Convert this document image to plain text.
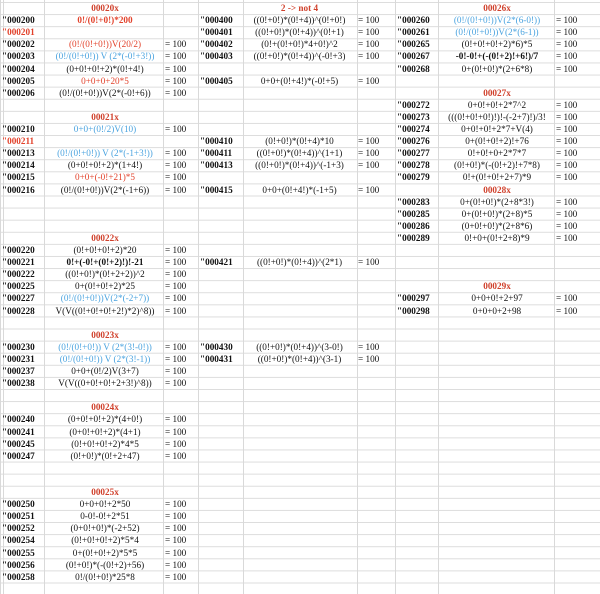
00020x
"000200	0!/(0!+0!)*200
"000201
"000202	(0!/(0!+0!))V(20/2)	= 100
"000203	(0!/(0!+0!)) V (2*(-0!+3!))	= 100
"000204	(0+0!+0!+2)*(0!+4!)	= 100
"000205	0+0+0+20*5	= 100
"000206	(0!/(0!+0!))V(2*(-0!+6))	= 100
00021x
"000210	0+0+(0!/2)V(10)	= 100
"000211
"000213	(0!/(0!+0!)) V (2*(-1+3!))	= 100
"000214	(0+0!+0!+2)*(1+4!)	= 100
"000215	0+0+(-0!+21)*5	= 100
"000216	(0!/(0!+0!))V(2*(-1+6))	= 100
00022x
"000220	(0!+0!+0!+2)*20	= 100
"000221	0!+(-0!+(0!+2)!)!-21	= 100
"000222	((0!+0!)*(0!+2+2))^2	= 100
"000225	0+(0!+0!+2)*25	= 100
"000227	(0!/(0!+0!))V(2*(-2+7))	= 100
"000228	V(V((0!+0!+0!+2!)*2)^8))	= 100
00023x
"000230	(0!/(0!+0!)) V (2*(3!-0!))	= 100
"000231	(0!/(0!+0!)) V (2*(3!-1))	= 100
"000237	0+0+(0!/2)V(3+7)	= 100
"000238	V(V((0+0!+0!+2+3!)^8))	= 100
00024x
"000240	(0+0!+0!+2)*(4+0!)	= 100
"000241	(0+0!+0!+2)*(4+1)	= 100
"000245	(0!+0!+0!+2)*4*5	= 100
"000247	(0!+0!)*(0!+2+47)	= 100
00025x
"000250	0+0+0!+2*50	= 100
"000251	0-0!-0!+2*51	= 100
"000252	(0+0!+0!)*(-2+52)	= 100
"000254	(0!+0!+0!+2)*5*4	= 100
"000255	0+(0!+0!+2)*5*5	= 100
"000256	(0!+0!)*(-(0!+2)+56)	= 100
"000258	0!/(0!+0!)*25*8	= 100
2 -> not 4
"000400	((0!+0!)*(0!+4))^(0!+0!)	= 100
"000401	((0!+0!)*(0!+4))^(0!+1)	= 100
"000402	(0!+(0!+0!)*4+0!)^2	= 100
"000403	((0!+0!)*(0!+4))^(-0!+3)	= 100
"000405	0+0+(0!+4!)*(-0!+5)	= 100
"000410	(0!+0!)*(0!+4)*10	= 100
"000411	((0!+0!)*(0!+4))^(1+1)	= 100
"000413	((0!+0!)*(0!+4))^(-1+3)	= 100
"000415	0+0+(0!+4!)*(-1+5)	= 100
"000421	((0!+0!)*(0!+4))^(2*1)	= 100
"000430	((0!+0!)*(0!+4))^(3-0!)	= 100
"000431	((0!+0!)*(0!+4))^(3-1)	= 100
00026x
"000260	(0!/(0!+0!))V(2*(6-0!))	= 100
"000261	(0!/(0!+0!))V(2*(6-1))	= 100
"000265	(0!+0!+0!+2)*6)*5	= 100
"000267	-0!-0!+(-(0!+2)!+6!)/7	= 100
"000268	0+(0!+0!)*(2+6*8)	= 100
00027x
"000272	0+0!+0!+2*7^2	= 100
"000273	(((0!+0!+0!)!)!-(-2+7)!)/3!	= 100
"000274	0+0!+0!+2*7+V(4)	= 100
"000276	0+(0!+0!+2)!+76	= 100
"000277	0!+0!+0+2*7*7	= 100
"000278	(0!+0!)*(-(0!+2)!+7*8)	= 100
"000279	0!+(0!+0!+2+7)*9	= 100
00028x
"000283	0+(0!+0!)*(2+8*3!)	= 100
"000285	0+(0!+0!)*(2+8)*5	= 100
"000286	(0+0!+0!)*(2+8*6)	= 100
"000289	0!+0+(0!+2+8)*9	= 100
00029x
"000297	0+0+0!+2+97	= 100
"000298	0+0+0+2+98	= 100
